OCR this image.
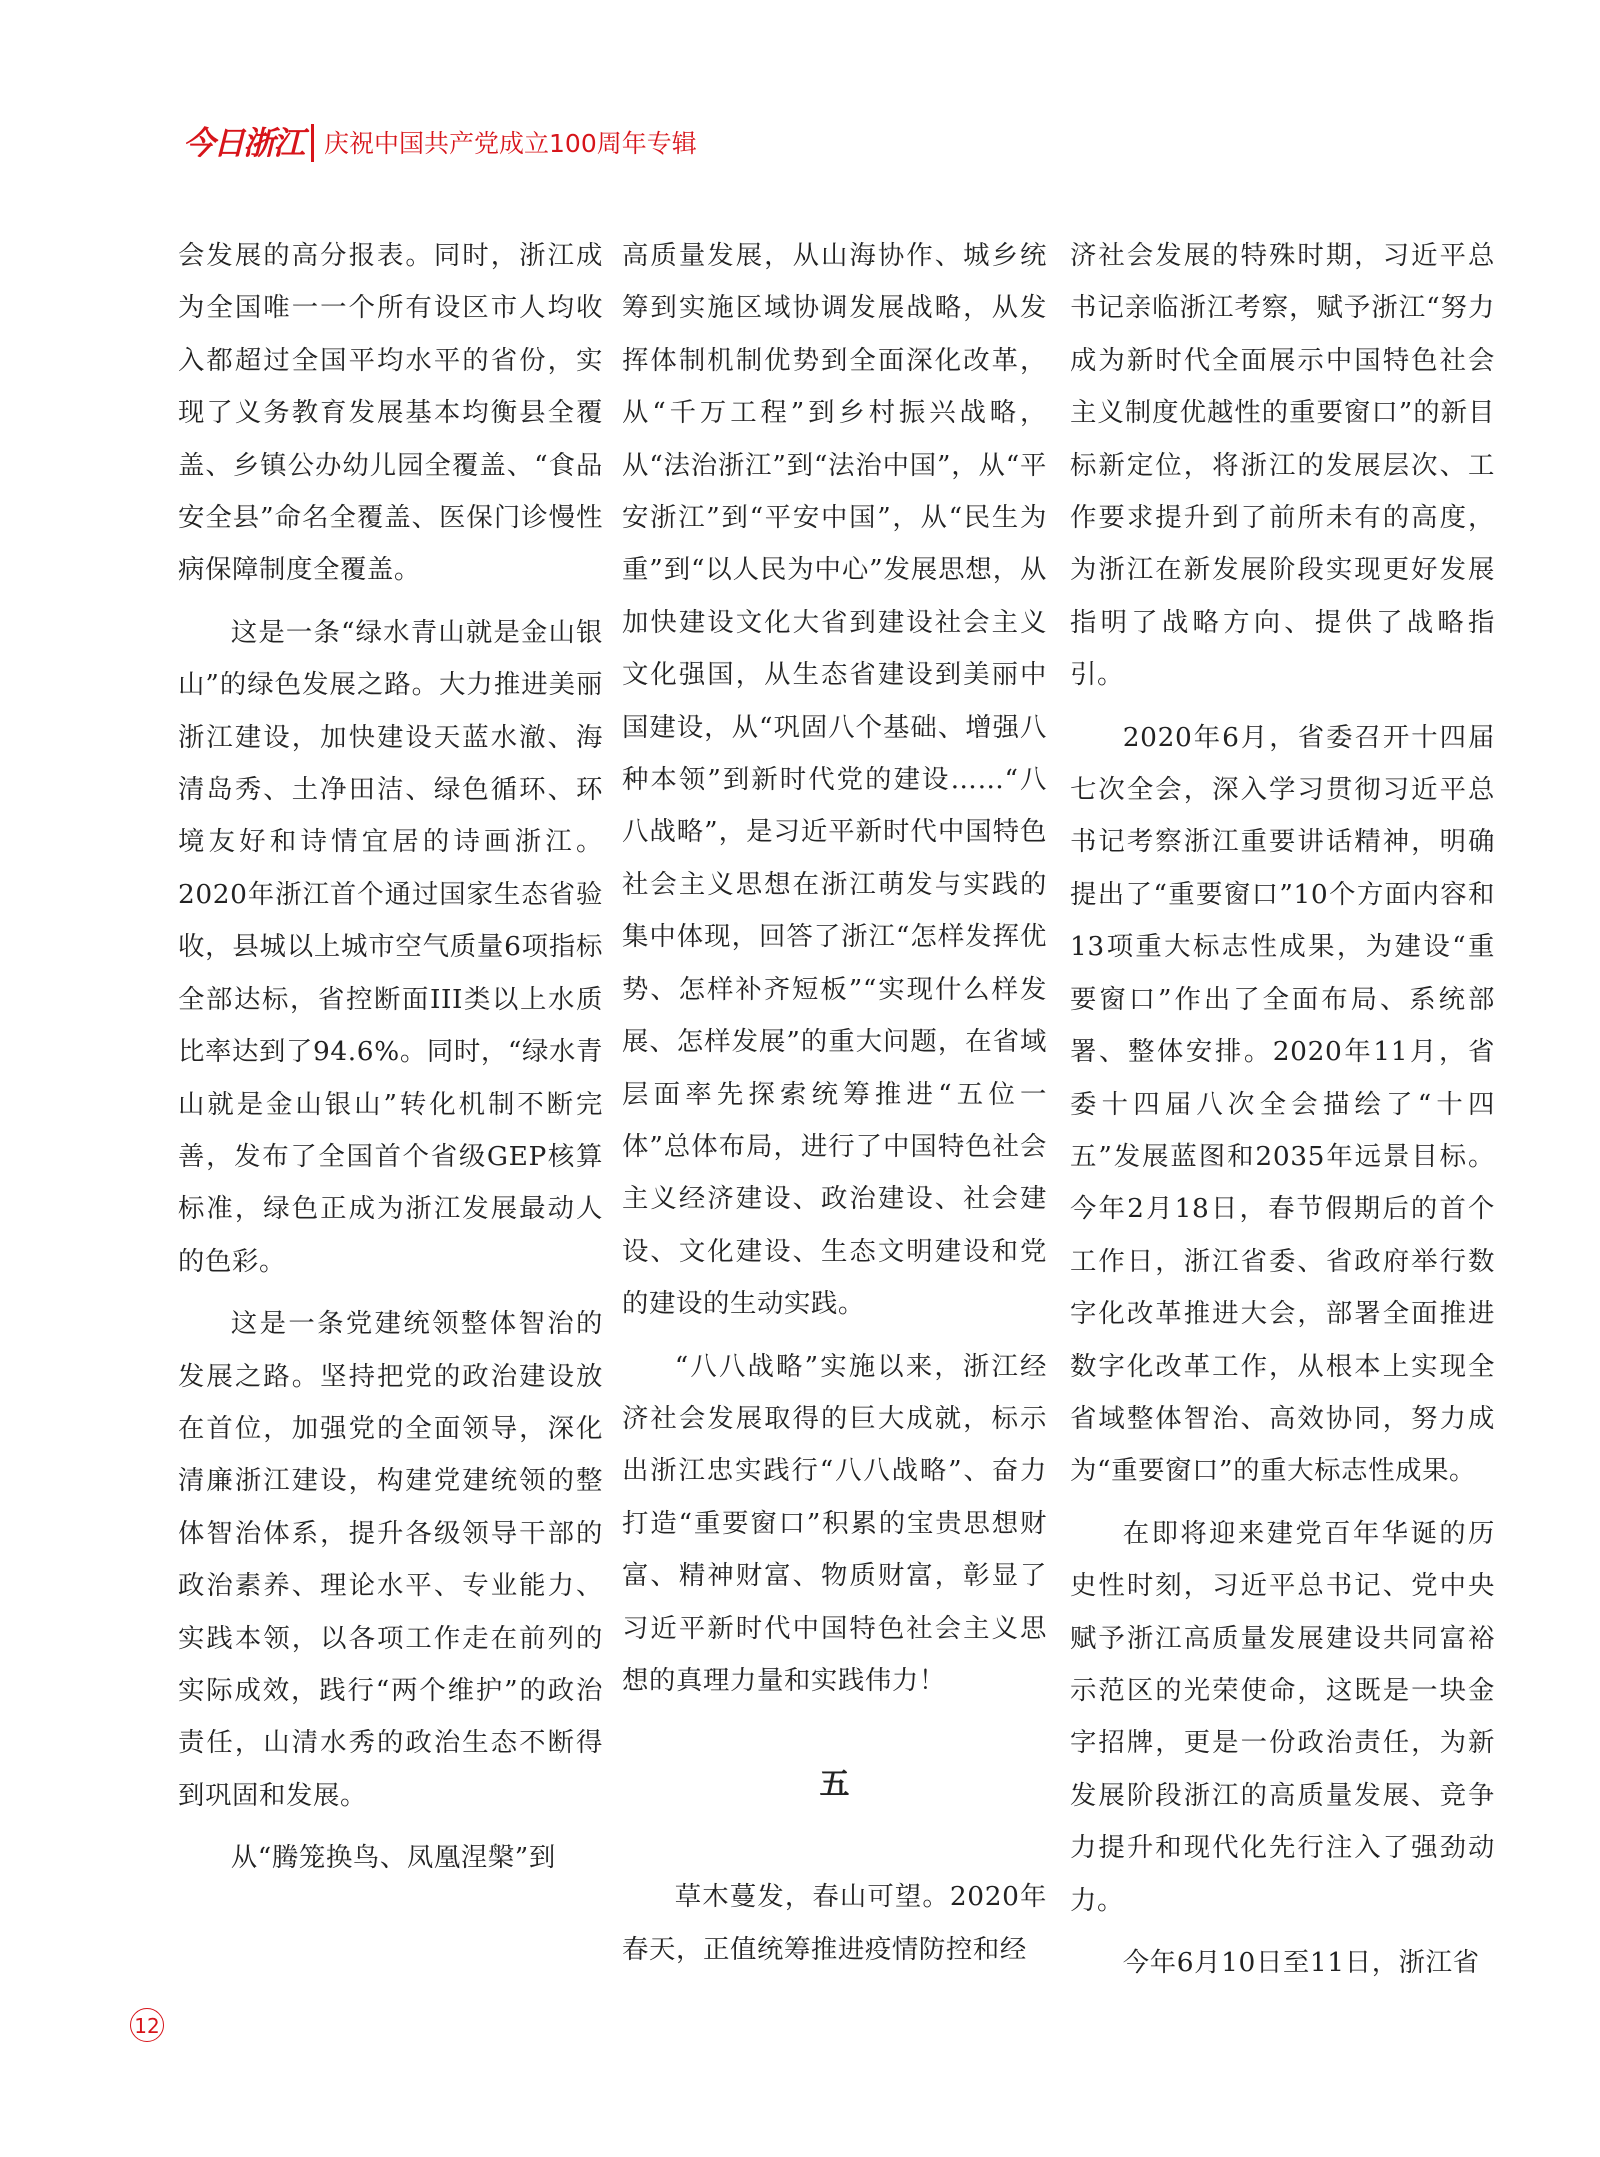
今日浙江 庆祝中国共产党成立100周年专辑

会发展的高分报表。同时，浙江成为全国唯一一个所有设区市人均收入都超过全国平均水平的省份，实现了义务教育发展基本均衡县全覆盖、乡镇公办幼儿园全覆盖、“食品安全县”命名全覆盖、医保门诊慢性病保障制度全覆盖。

这是一条“绿水青山就是金山银山”的绿色发展之路。大力推进美丽浙江建设，加快建设天蓝水澈、海清岛秀、土净田洁、绿色循环、环境友好和诗情宜居的诗画浙江。2020年浙江首个通过国家生态省验收，县城以上城市空气质量6项指标全部达标，省控断面III类以上水质比率达到了94.6%。同时，“绿水青山就是金山银山”转化机制不断完善，发布了全国首个省级GEP核算标准，绿色正成为浙江发展最动人的色彩。

这是一条党建统领整体智治的发展之路。坚持把党的政治建设放在首位，加强党的全面领导，深化清廉浙江建设，构建党建统领的整体智治体系，提升各级领导干部的政治素养、理论水平、专业能力、实践本领，以各项工作走在前列的实际成效，践行“两个维护”的政治责任，山清水秀的政治生态不断得到巩固和发展。

从“腾笼换鸟、凤凰涅槃”到

高质量发展，从山海协作、城乡统筹到实施区域协调发展战略，从发挥体制机制优势到全面深化改革，从“千万工程”到乡村振兴战略，从“法治浙江”到“法治中国”，从“平安浙江”到“平安中国”，从“民生为重”到“以人民为中心”发展思想，从加快建设文化大省到建设社会主义文化强国，从生态省建设到美丽中国建设，从“巩固八个基础、增强八种本领”到新时代党的建设……“八八战略”，是习近平新时代中国特色社会主义思想在浙江萌发与实践的集中体现，回答了浙江“怎样发挥优势、怎样补齐短板”“实现什么样发展、怎样发展”的重大问题，在省域层面率先探索统筹推进“五位一体”总体布局，进行了中国特色社会主义经济建设、政治建设、社会建设、文化建设、生态文明建设和党的建设的生动实践。

“八八战略”实施以来，浙江经济社会发展取得的巨大成就，标示出浙江忠实践行“八八战略”、奋力打造“重要窗口”积累的宝贵思想财富、精神财富、物质财富，彰显了习近平新时代中国特色社会主义思想的真理力量和实践伟力！

五

草木蔓发，春山可望。2020年春天，正值统筹推进疫情防控和经

济社会发展的特殊时期，习近平总书记亲临浙江考察，赋予浙江“努力成为新时代全面展示中国特色社会主义制度优越性的重要窗口”的新目标新定位，将浙江的发展层次、工作要求提升到了前所未有的高度，为浙江在新发展阶段实现更好发展指明了战略方向、提供了战略指引。

2020年6月，省委召开十四届七次全会，深入学习贯彻习近平总书记考察浙江重要讲话精神，明确提出了“重要窗口”10个方面内容和13项重大标志性成果，为建设“重要窗口”作出了全面布局、系统部署、整体安排。2020年11月，省委十四届八次全会描绘了“十四五”发展蓝图和2035年远景目标。今年2月18日，春节假期后的首个工作日，浙江省委、省政府举行数字化改革推进大会，部署全面推进数字化改革工作，从根本上实现全省域整体智治、高效协同，努力成为“重要窗口”的重大标志性成果。

在即将迎来建党百年华诞的历史性时刻，习近平总书记、党中央赋予浙江高质量发展建设共同富裕示范区的光荣使命，这既是一块金字招牌，更是一份政治责任，为新发展阶段浙江的高质量发展、竞争力提升和现代化先行注入了强劲动力。

今年6月10日至11日，浙江省

12
